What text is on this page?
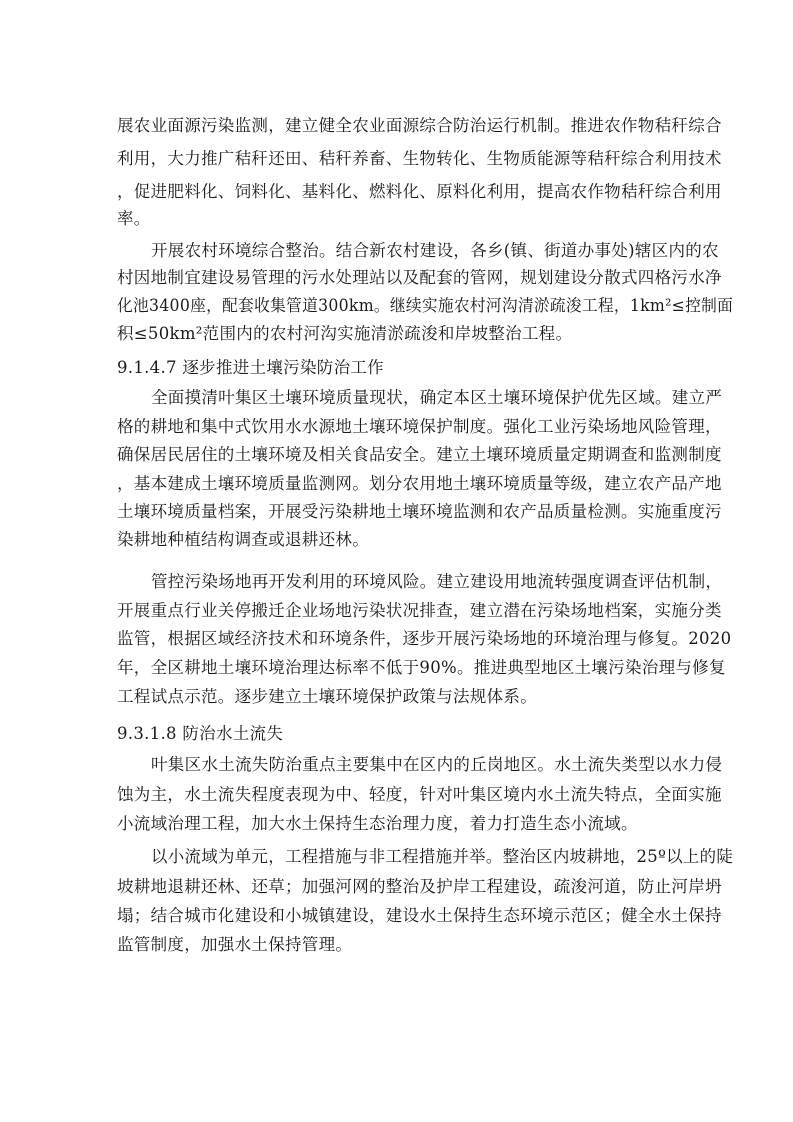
展农业面源污染监测，建立健全农业面源综合防治运行机制。推进农作物秸秆综合
利用，大力推广秸秆还田、秸秆养畜、生物转化、生物质能源等秸秆综合利用技术
，促进肥料化、饲料化、基料化、燃料化、原料化利用，提高农作物秸秆综合利用
率。
开展农村环境综合整治。结合新农村建设，各乡(镇、街道办事处)辖区内的农
村因地制宜建设易管理的污水处理站以及配套的管网，规划建设分散式四格污水净
化池3400座，配套收集管道300km。继续实施农村河沟清淤疏浚工程，1km²≤控制面
积≤50km²范围内的农村河沟实施清淤疏浚和岸坡整治工程。
9.1.4.7 逐步推进土壤污染防治工作
全面摸清叶集区土壤环境质量现状，确定本区土壤环境保护优先区域。建立严
格的耕地和集中式饮用水水源地土壤环境保护制度。强化工业污染场地风险管理，
确保居民居住的土壤环境及相关食品安全。建立土壤环境质量定期调查和监测制度
，基本建成土壤环境质量监测网。划分农用地土壤环境质量等级，建立农产品产地
土壤环境质量档案，开展受污染耕地土壤环境监测和农产品质量检测。实施重度污
染耕地种植结构调查或退耕还林。
管控污染场地再开发利用的环境风险。建立建设用地流转强度调查评估机制，
开展重点行业关停搬迁企业场地污染状况排查，建立潜在污染场地档案，实施分类
监管，根据区域经济技术和环境条件，逐步开展污染场地的环境治理与修复。2020
年，全区耕地土壤环境治理达标率不低于90%。推进典型地区土壤污染治理与修复
工程试点示范。逐步建立土壤环境保护政策与法规体系。
9.3.1.8 防治水土流失
叶集区水土流失防治重点主要集中在区内的丘岗地区。水土流失类型以水力侵
蚀为主，水土流失程度表现为中、轻度，针对叶集区境内水土流失特点，全面实施
小流域治理工程，加大水土保持生态治理力度，着力打造生态小流域。
以小流域为单元，工程措施与非工程措施并举。整治区内坡耕地，25º以上的陡
坡耕地退耕还林、还草；加强河网的整治及护岸工程建设，疏浚河道，防止河岸坍
塌；结合城市化建设和小城镇建设，建设水土保持生态环境示范区；健全水土保持
监管制度，加强水土保持管理。
